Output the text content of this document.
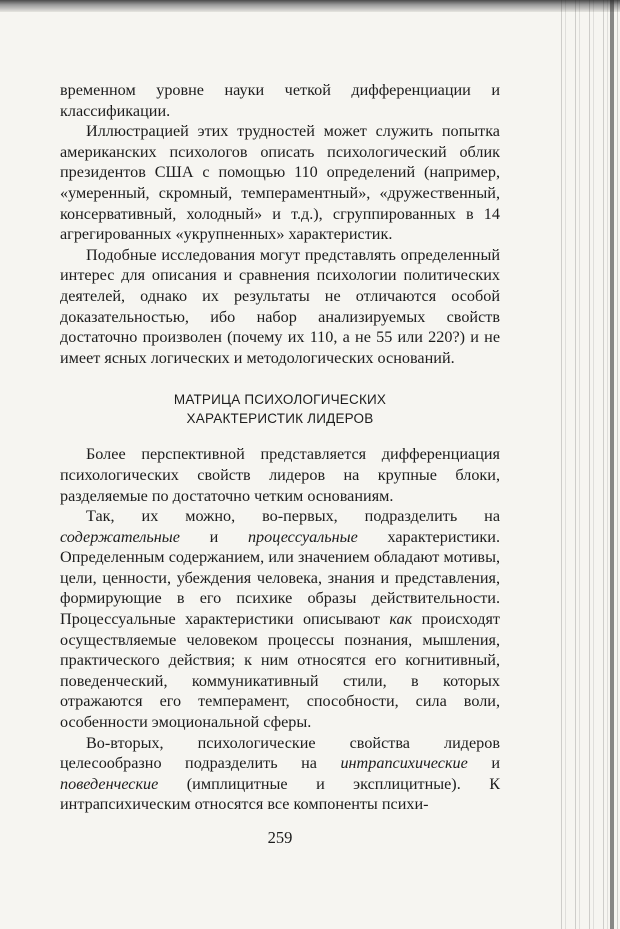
временном уровне науки четкой дифференциации и классификации.

Иллюстрацией этих трудностей может служить попытка американских психологов описать психологический облик президентов США с помощью 110 определений (например, «умеренный, скромный, темпераментный», «дружественный, консервативный, холодный» и т.д.), сгруппированных в 14 агрегированных «укрупненных» характеристик.

Подобные исследования могут представлять определенный интерес для описания и сравнения психологии политических деятелей, однако их результаты не отличаются особой доказательностью, ибо набор анализируемых свойств достаточно произволен (почему их 110, а не 55 или 220?) и не имеет ясных логических и методологических оснований.

МАТРИЦА ПСИХОЛОГИЧЕСКИХ
ХАРАКТЕРИСТИК ЛИДЕРОВ

Более перспективной представляется дифференциация психологических свойств лидеров на крупные блоки, разделяемые по достаточно четким основаниям.

Так, их можно, во-первых, подразделить на содержательные и процессуальные характеристики. Определенным содержанием, или значением обладают мотивы, цели, ценности, убеждения человека, знания и представления, формирующие в его психике образы действительности. Процессуальные характеристики описывают как происходят осуществляемые человеком процессы познания, мышления, практического действия; к ним относятся его когнитивный, поведенческий, коммуникативный стили, в которых отражаются его темперамент, способности, сила воли, особенности эмоциональной сферы.

Во-вторых, психологические свойства лидеров целесообразно подразделить на интрапсихические и поведенческие (имплицитные и эксплицитные). К интрапсихическим относятся все компоненты психи-

259
